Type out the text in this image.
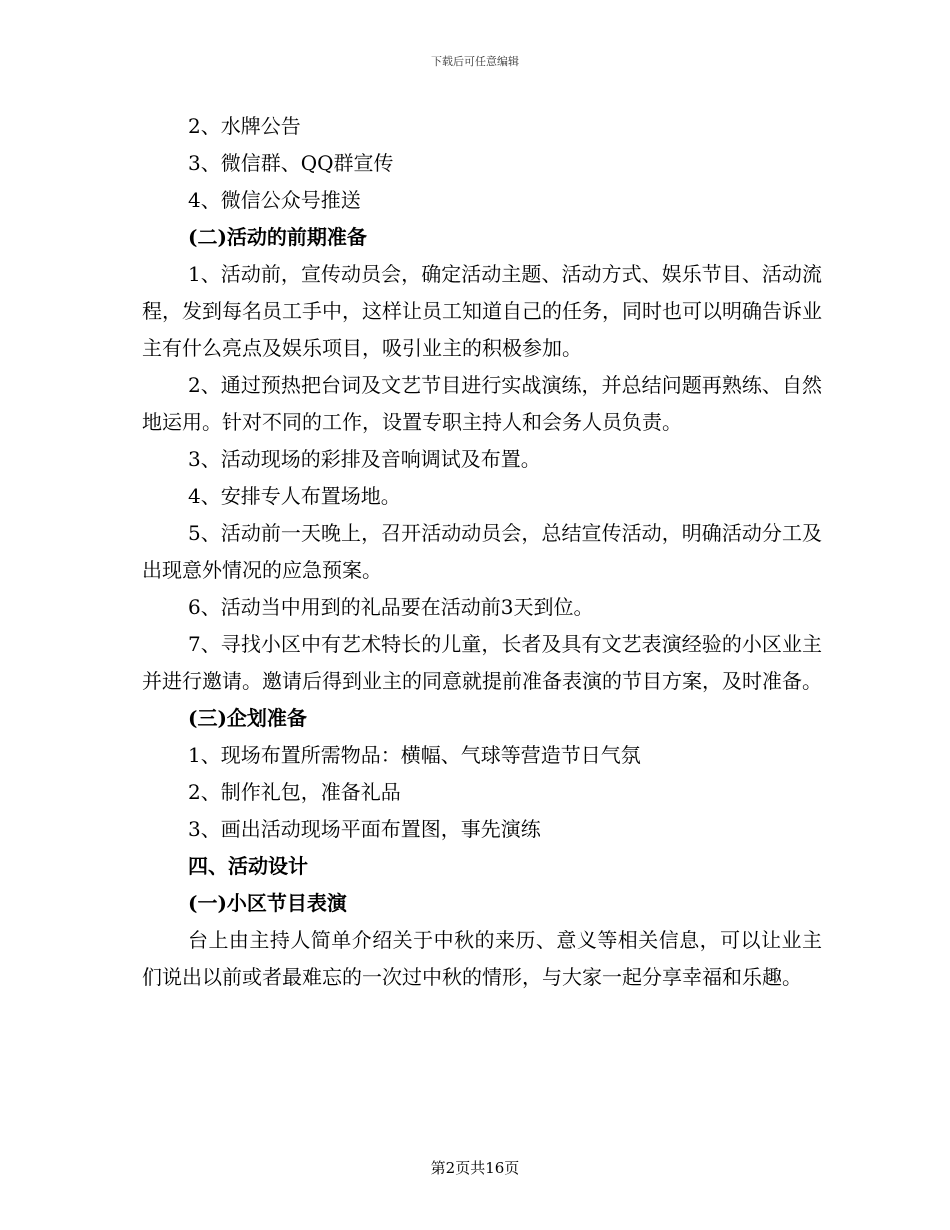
下载后可任意编辑

2、水牌公告

3、微信群、QQ群宣传

4、微信公众号推送

(二)活动的前期准备

1、活动前，宣传动员会，确定活动主题、活动方式、娱乐节目、活动流程，发到每名员工手中，这样让员工知道自己的任务，同时也可以明确告诉业主有什么亮点及娱乐项目，吸引业主的积极参加。

2、通过预热把台词及文艺节目进行实战演练，并总结问题再熟练、自然地运用。针对不同的工作，设置专职主持人和会务人员负责。

3、活动现场的彩排及音响调试及布置。

4、安排专人布置场地。

5、活动前一天晚上，召开活动动员会，总结宣传活动，明确活动分工及出现意外情况的应急预案。

6、活动当中用到的礼品要在活动前3天到位。

7、寻找小区中有艺术特长的儿童，长者及具有文艺表演经验的小区业主并进行邀请。邀请后得到业主的同意就提前准备表演的节目方案，及时准备。

(三)企划准备

1、现场布置所需物品：横幅、气球等营造节日气氛

2、制作礼包，准备礼品

3、画出活动现场平面布置图，事先演练

四、活动设计

(一)小区节目表演

台上由主持人简单介绍关于中秋的来历、意义等相关信息，可以让业主们说出以前或者最难忘的一次过中秋的情形，与大家一起分享幸福和乐趣。

第2页共16页
